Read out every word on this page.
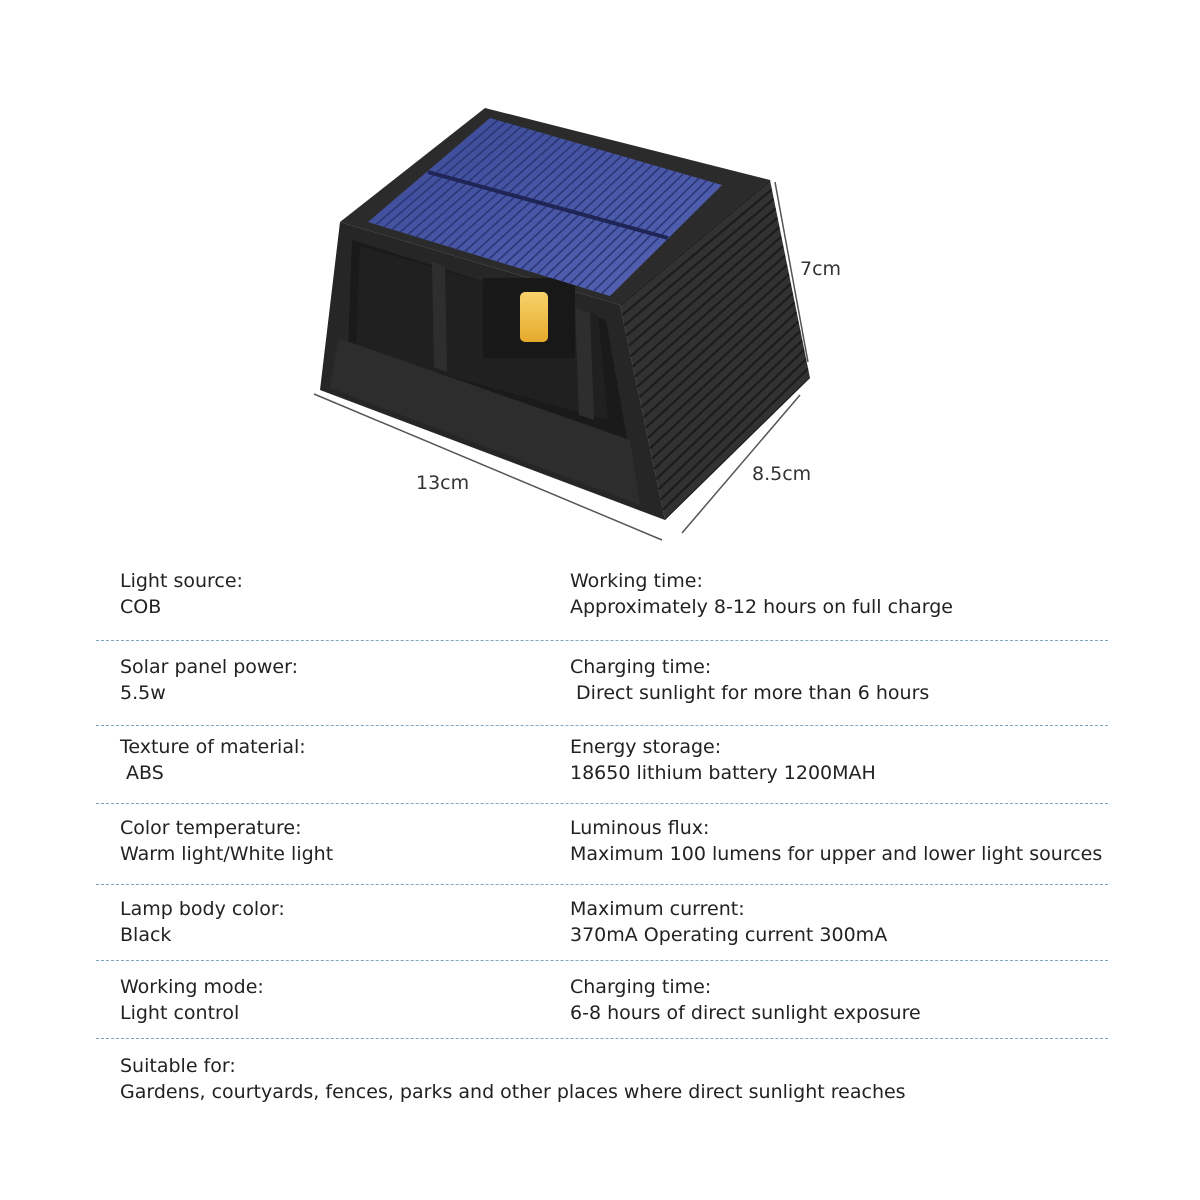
7cm
13cm	8.5cm
Light source:
COB
Working time:
Approximately 8-12 hours on full charge
Solar panel power:
5.5w
Charging time:
Direct sunlight for more than 6 hours
Texture of material:
ABS
Energy storage:
18650 lithium battery 1200MAH
Color temperature:
Warm light/White light
Luminous flux:
Maximum 100 lumens for upper and lower light sources
Lamp body color:
Black
Maximum current:
370mA Operating current 300mA
Working mode:
Light control
Charging time:
6-8 hours of direct sunlight exposure
Suitable for:
Gardens, courtyards, fences, parks and other places where direct sunlight reaches
